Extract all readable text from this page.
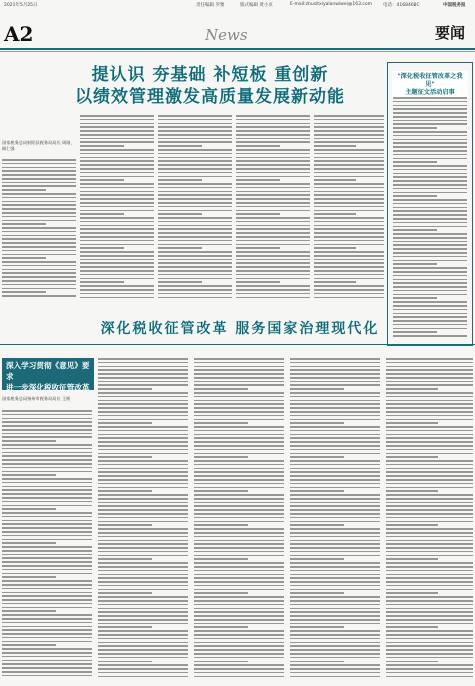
2021年5月25日	责任编辑 罗雅	版式编辑 黄小贞	E-mail:zhusitxiyalanwiwei@163.com 电话：4168468C	中国税务报
A2	News	要闻
提认识 夯基础 补短板 重创新
以绩效管理激发高质量发展新动能
国家税务总局射阳县税务局局长 周刚、顾仁强
"深化税收征管改革之我见"
主题征文活动启事
深化税收征管改革 服务国家治理现代化
深入学习贯彻《意见》要求
进一步深化税收征管改革
国家税务总局扬州市税务局局长 王彬
